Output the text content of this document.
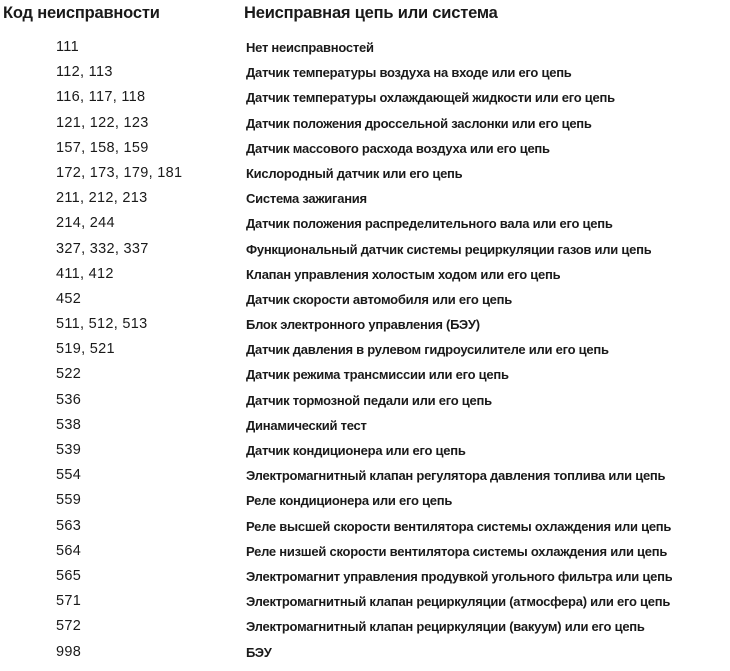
Код неисправности	Неисправная цепь или система
111	Нет неисправностей
112, 113	Датчик температуры воздуха на входе или его цепь
116, 117, 118	Датчик температуры охлаждающей жидкости или его цепь
121, 122, 123	Датчик положения дроссельной заслонки или его цепь
157, 158, 159	Датчик массового расхода воздуха или его цепь
172, 173, 179, 181	Кислородный датчик или его цепь
211, 212, 213	Система зажигания
214, 244	Датчик положения распределительного вала или его цепь
327, 332, 337	Функциональный датчик системы рециркуляции газов или цепь
411, 412	Клапан управления холостым ходом или его цепь
452	Датчик скорости автомобиля или его цепь
511, 512, 513	Блок электронного управления (БЭУ)
519, 521	Датчик давления в рулевом гидроусилителе или его цепь
522	Датчик режима трансмиссии или его цепь
536	Датчик тормозной педали или его цепь
538	Динамический тест
539	Датчик кондиционера или его цепь
554	Электромагнитный клапан регулятора давления топлива или цепь
559	Реле кондиционера или его цепь
563	Реле высшей скорости вентилятора системы охлаждения или цепь
564	Реле низшей скорости вентилятора системы охлаждения или цепь
565	Электромагнит управления продувкой угольного фильтра или цепь
571	Электромагнитный клапан рециркуляции (атмосфера) или его цепь
572	Электромагнитный клапан рециркуляции (вакуум) или его цепь
998	БЭУ
